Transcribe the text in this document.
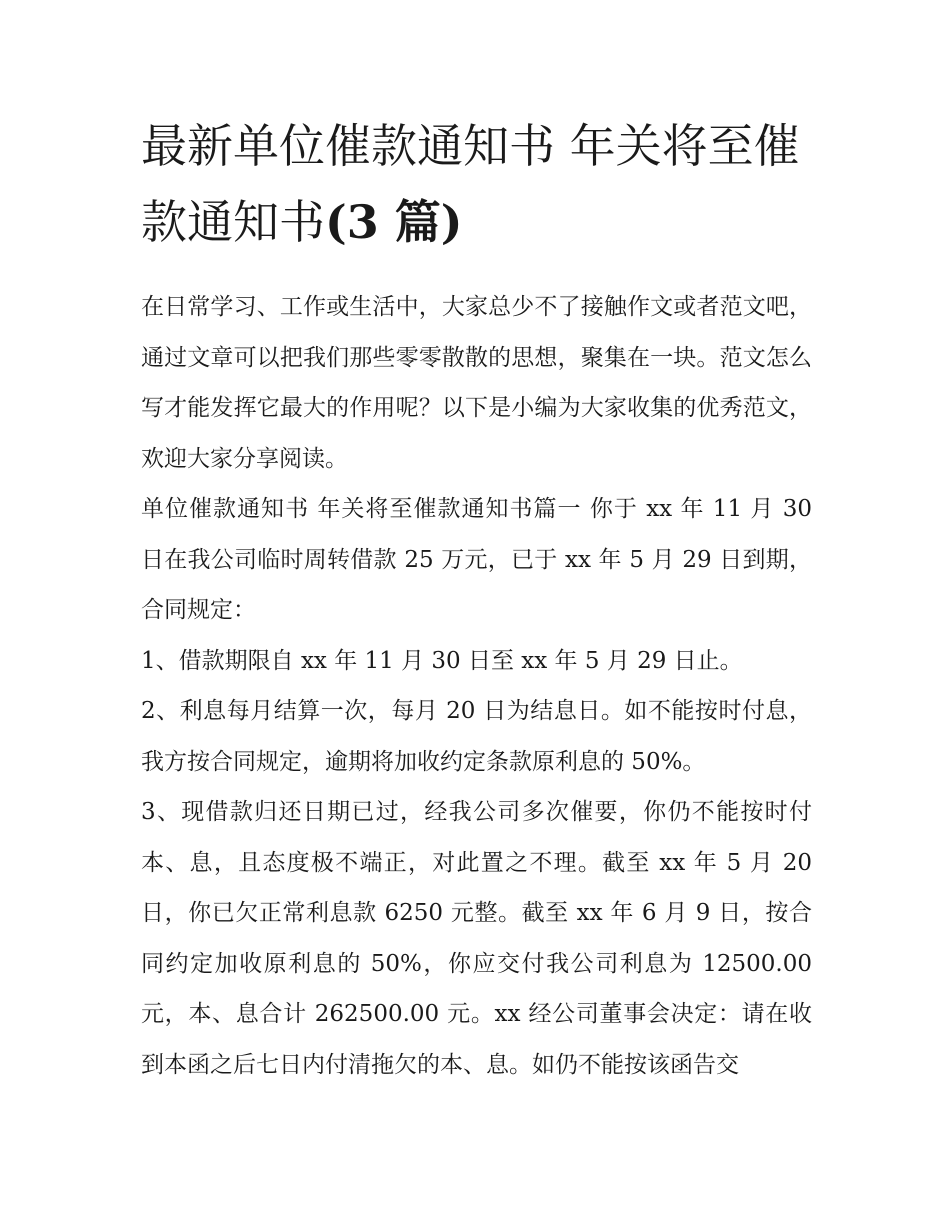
最新单位催款通知书 年关将至催款通知书(3 篇)

在日常学习、工作或生活中，大家总少不了接触作文或者范文吧，通过文章可以把我们那些零零散散的思想，聚集在一块。范文怎么写才能发挥它最大的作用呢？以下是小编为大家收集的优秀范文，欢迎大家分享阅读。

单位催款通知书 年关将至催款通知书篇一 你于 xx 年 11 月 30 日在我公司临时周转借款 25 万元，已于 xx 年 5 月 29 日到期，合同规定：

1、借款期限自 xx 年 11 月 30 日至 xx 年 5 月 29 日止。

2、利息每月结算一次，每月 20 日为结息日。如不能按时付息，我方按合同规定，逾期将加收约定条款原利息的 50%。

3、现借款归还日期已过，经我公司多次催要，你仍不能按时付本、息，且态度极不端正，对此置之不理。截至 xx 年 5 月 20 日，你已欠正常利息款 6250 元整。截至 xx 年 6 月 9 日，按合同约定加收原利息的 50%，你应交付我公司利息为 12500.00 元，本、息合计 262500.00 元。xx 经公司董事会决定：请在收到本函之后七日内付清拖欠的本、息。如仍不能按该函告交
